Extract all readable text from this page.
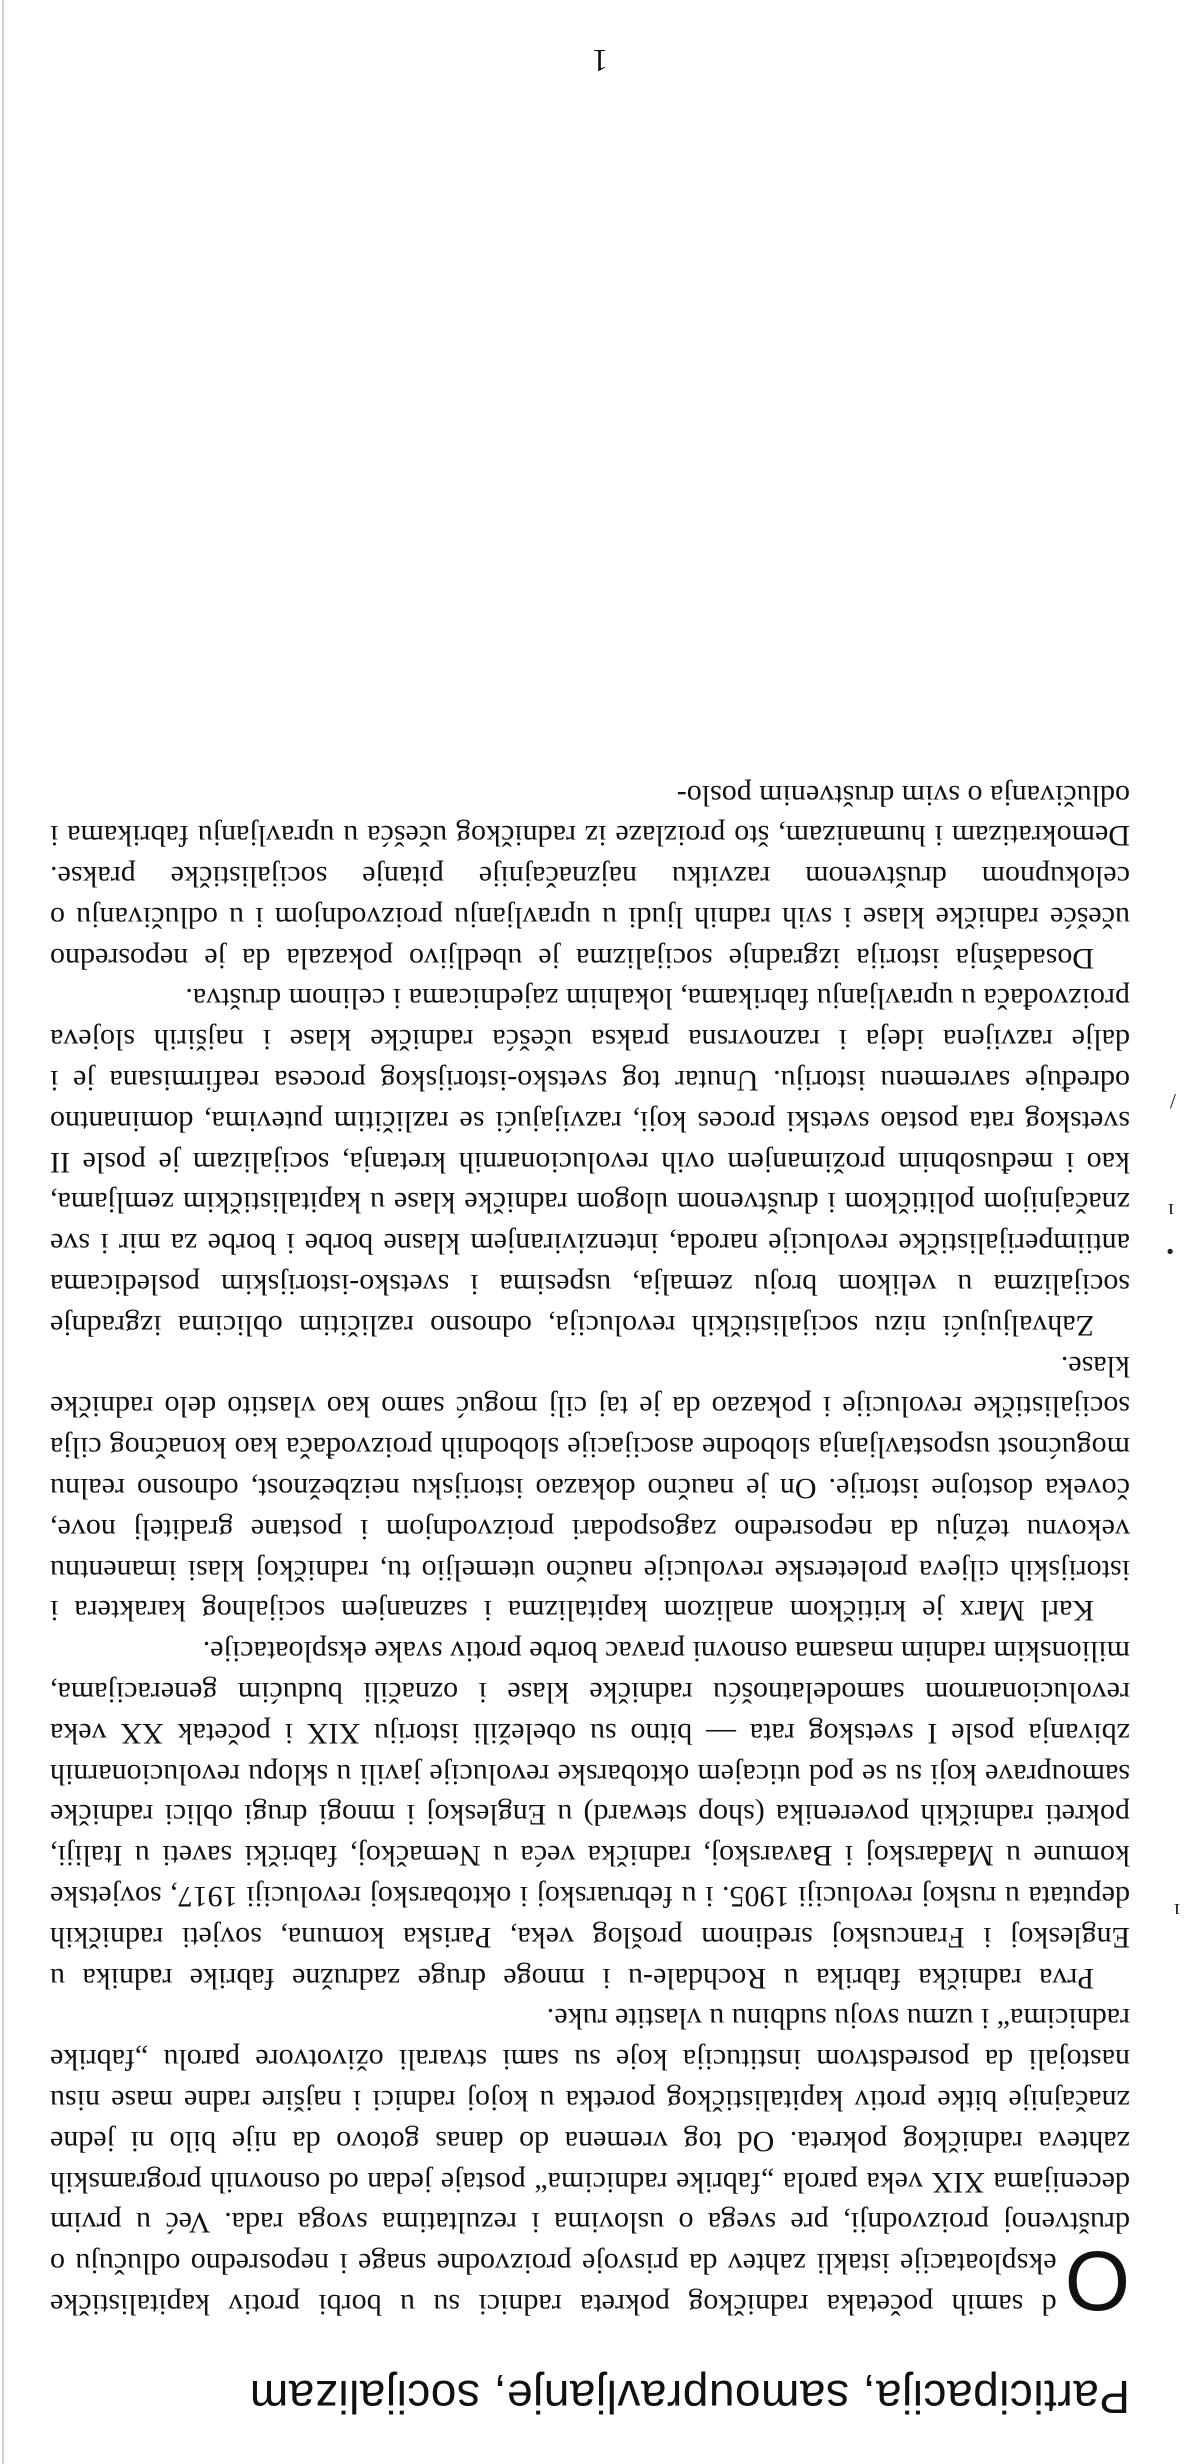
Participacija, samoupravljanje, socijalizam

O
d samih početaka radničkog pokreta radnici su u borbi protiv kapitalističke eksploatacije istakli zahtev da prisvoje proizvodne snage i neposredno odlučuju o društvenoj proizvodnji, pre svega o uslovima i rezultatima svoga rada. Već u prvim decenijama XIX veka parola „fabrike radnicima“ postaje jedan od osnovnih programskih zahteva radničkog pokreta. Od tog vremena do danas gotovo da nije bilo ni jedne značajnije bitke protiv kapitalističkog poretka u kojoj radnici i najšire radne mase nisu nastojali da posredstvom institucija koje su sami stvarali oživotvore parolu „fabrike radnicima“ i uzmu svoju sudbinu u vlastite ruke.

Prva radnička fabrika u Rochdale-u i mnoge druge zadružne fabrike radnika u Engleskoj i Francuskoj sredinom prošlog veka, Pariska komuna, sovjeti radničkih deputata u ruskoj revoluciji 1905. i u februarskoj i oktobarskoj revoluciji 1917, sovjetske komune u Mađarskoj i Bavarskoj, radnička veća u Nemačkoj, fabrički saveti u Italiji, pokreti radničkih poverenika (shop steward) u Engleskoj i mnogi drugi oblici radničke samouprave koji su se pod uticajem oktobarske revolucije javili u sklopu revolucionarnih zbivanja posle I svetskog rata — bitno su obeležili istoriju XIX i početak XX veka revolucionarnom samodelatnošću radničke klase i označili budućim generacijama, milionskim radnim masama osnovni pravac borbe protiv svake eksploatacije.

Karl Marx je kritičkom analizom kapitalizma i saznanjem socijalnog karaktera i istorijskih ciljeva proleterske revolucije naučno utemeljio tu, radničkoj klasi imanentnu vekovnu težnju da neposredno zagospodari proizvodnjom i postane graditelj nove, čoveka dostojne istorije. On je naučno dokazao istorijsku neizbežnost, odnosno realnu mogućnost uspostavljanja slobodne asocijacije slobodnih proizvođača kao konačnog cilja socijalističke revolucije i pokazao da je taj cilj moguć samo kao vlastito delo radničke klase.

Zahvaljujući nizu socijalističkih revolucija, odnosno različitim oblicima izgradnje socijalizma u velikom broju zemalja, uspesima i svetsko-istorijskim posledicama antiimperijalističke revolucije naroda, intenziviranjem klasne borbe i borbe za mir i sve značajnijom političkom i društvenom ulogom radničke klase u kapitalističkim zemljama, kao i međusobnim prožimanjem ovih revolucionarnih kretanja, socijalizam je posle II svetskog rata postao svetski proces koji, razvijajući se različitim putevima, dominantno određuje savremenu istoriju. Unutar tog svetsko-istorijskog procesa reafirmisana je i dalje razvijena ideja i raznovrsna praksa učešća radničke klase i najširih slojeva proizvođača u upravljanju fabrikama, lokalnim zajednicama i celinom društva.

Dosadašnja istorija izgradnje socijalizma je ubedljivo pokazala da je neposredno učešće radničke klase i svih radnih ljudi u upravljanju proizvodnjom i u odlučivanju o celokupnom društvenom razvitku najznačajnije pitanje socijalističke prakse. Demokratizam i humanizam, što proizlaze iz radničkog učešća u upravljanju fabrikama i odlučivanja o svim društvenim poslo-

ı
/
•
ı
1
